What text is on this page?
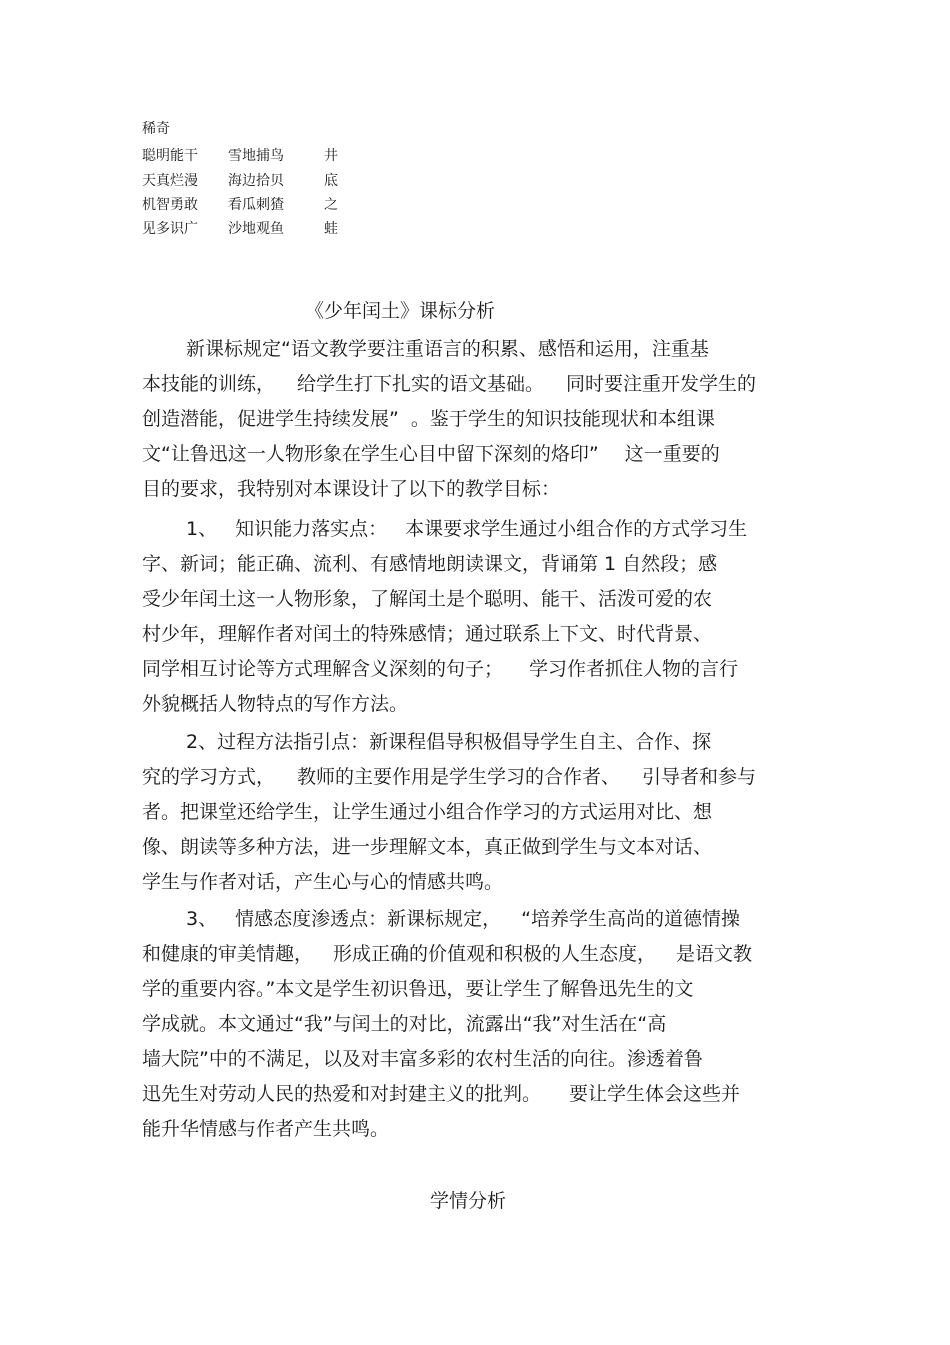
稀奇
聪明能干 雪地捕鸟	井
天真烂漫 海边拾贝	底
机智勇敢 看瓜刺猹	之
见多识广 沙地观鱼	蛙
《少年闰土》课标分析
新课标规定“语文教学要注重语言的积累、感悟和运用，注重基
本技能的训练， 给学生打下扎实的语文基础。 同时要注重开发学生的
创造潜能，促进学生持续发展” 。鉴于学生的知识技能现状和本组课
文“让鲁迅这一人物形象在学生心目中留下深刻的烙印” 这一重要的
目的要求，我特别对本课设计了以下的教学目标：
1、 知识能力落实点： 本课要求学生通过小组合作的方式学习生
字、新词；能正确、流利、有感情地朗读课文，背诵第 1 自然段；感
受少年闰土这一人物形象，了解闰土是个聪明、能干、活泼可爱的农
村少年，理解作者对闰土的特殊感情；通过联系上下文、时代背景、
同学相互讨论等方式理解含义深刻的句子； 学习作者抓住人物的言行
外貌概括人物特点的写作方法。
2、过程方法指引点：新课程倡导积极倡导学生自主、合作、探
究的学习方式， 教师的主要作用是学生学习的合作者、 引导者和参与
者。把课堂还给学生，让学生通过小组合作学习的方式运用对比、想
像、朗读等多种方法，进一步理解文本，真正做到学生与文本对话、
学生与作者对话，产生心与心的情感共鸣。
3、 情感态度渗透点：新课标规定， “培养学生高尚的道德情操
和健康的审美情趣， 形成正确的价值观和积极的人生态度， 是语文教
学的重要内容。”本文是学生初识鲁迅，要让学生了解鲁迅先生的文
学成就。本文通过“我”与闰土的对比，流露出“我”对生活在“高
墙大院”中的不满足，以及对丰富多彩的农村生活的向往。渗透着鲁
迅先生对劳动人民的热爱和对封建主义的批判。 要让学生体会这些并
能升华情感与作者产生共鸣。
学情分析
